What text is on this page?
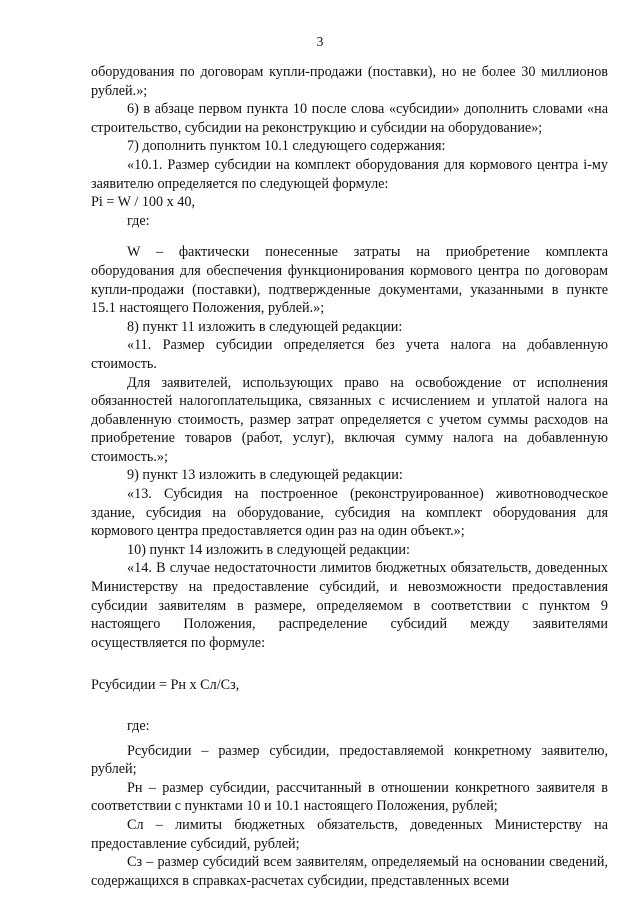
3

оборудования по договорам купли-продажи (поставки), но не более 30 миллионов рублей.»;

6) в абзаце первом пункта 10 после слова «субсидии» дополнить словами «на строительство, субсидии на реконструкцию и субсидии на оборудование»;

7) дополнить пунктом 10.1 следующего содержания:

«10.1. Размер субсидии на комплект оборудования для кормового центра i-му заявителю определяется по следующей формуле:

Pi = W / 100 x 40,

где:

W – фактически понесенные затраты на приобретение комплекта оборудования для обеспечения функционирования кормового центра по договорам купли-продажи (поставки), подтвержденные документами, указанными в пункте 15.1 настоящего Положения, рублей.»;

8) пункт 11 изложить в следующей редакции:

«11. Размер субсидии определяется без учета налога на добавленную стоимость.

Для заявителей, использующих право на освобождение от исполнения обязанностей налогоплательщика, связанных с исчислением и уплатой налога на добавленную стоимость, размер затрат определяется с учетом суммы расходов на приобретение товаров (работ, услуг), включая сумму налога на добавленную стоимость.»;

9) пункт 13 изложить в следующей редакции:

«13. Субсидия на построенное (реконструированное) животноводческое здание, субсидия на оборудование, субсидия на комплект оборудования для кормового центра предоставляется один раз на один объект.»;

10) пункт 14 изложить в следующей редакции:

«14. В случае недостаточности лимитов бюджетных обязательств, доведенных Министерству на предоставление субсидий, и невозможности предоставления субсидии заявителям в размере, определяемом в соответствии с пунктом 9 настоящего Положения, распределение субсидий между заявителями осуществляется по формуле:

Рсубсидии = Рн х Сл/Сз,

где:

Рсубсидии – размер субсидии, предоставляемой конкретному заявителю, рублей;

Рн – размер субсидии, рассчитанный в отношении конкретного заявителя в соответствии с пунктами 10 и 10.1 настоящего Положения, рублей;

Сл – лимиты бюджетных обязательств, доведенных Министерству на предоставление субсидий, рублей;

Сз – размер субсидий всем заявителям, определяемый на основании сведений, содержащихся в справках-расчетах субсидии, представленных всеми
